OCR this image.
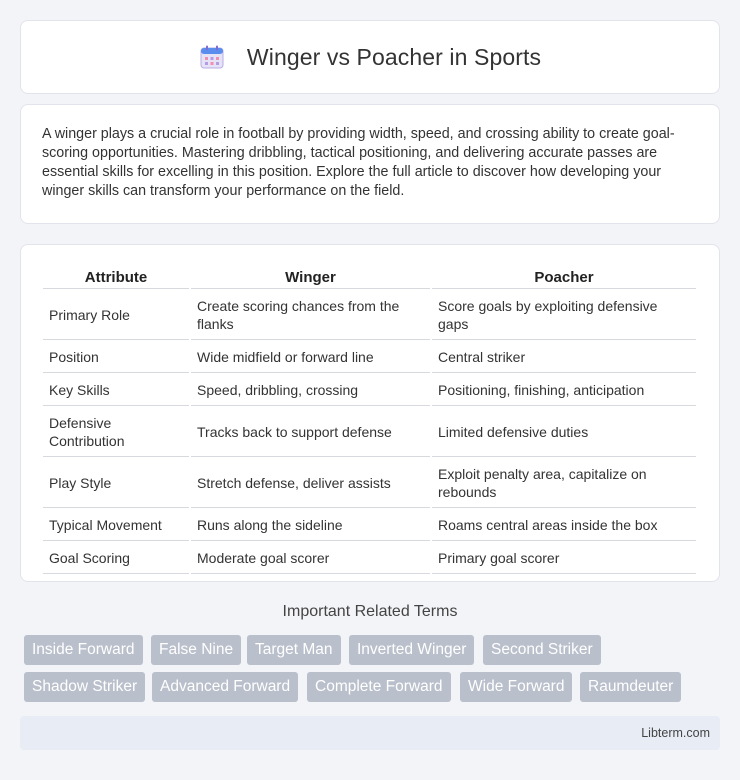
Winger vs Poacher in Sports

A winger plays a crucial role in football by providing width, speed, and crossing ability to create goal-scoring opportunities. Mastering dribbling, tactical positioning, and delivering accurate passes are essential skills for excelling in this position. Explore the full article to discover how developing your winger skills can transform your performance on the field.

Attribute	Winger	Poacher
Primary Role	Create scoring chances from the flanks	Score goals by exploiting defensive gaps
Position	Wide midfield or forward line	Central striker
Key Skills	Speed, dribbling, crossing	Positioning, finishing, anticipation
Defensive Contribution	Tracks back to support defense	Limited defensive duties
Play Style	Stretch defense, deliver assists	Exploit penalty area, capitalize on rebounds
Typical Movement	Runs along the sideline	Roams central areas inside the box
Goal Scoring	Moderate goal scorer	Primary goal scorer
Important Related Terms
Inside Forward	False Nine	Target Man	Inverted Winger	Second Striker
Shadow Striker	Advanced Forward	Complete Forward	Wide Forward	Raumdeuter
Libterm.com
